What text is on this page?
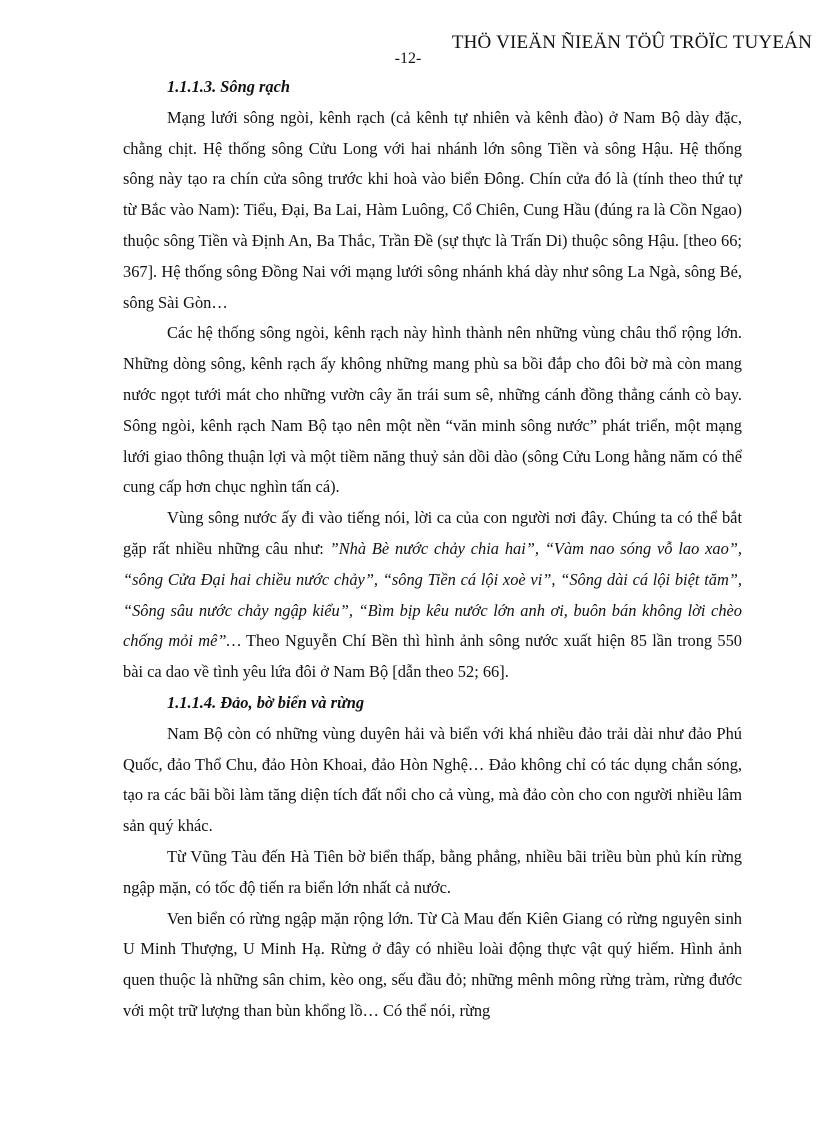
THÖ VIEÄN ÑIEÄN TÖÛ TRÖÏC TUYEÁN
-12-

1.1.1.3. Sông rạch

Mạng lưới sông ngòi, kênh rạch (cả kênh tự nhiên và kênh đào) ở Nam Bộ dày đặc, chằng chịt. Hệ thống sông Cửu Long với hai nhánh lớn sông Tiền và sông Hậu. Hệ thống sông này tạo ra chín cửa sông trước khi hoà vào biển Đông. Chín cửa đó là (tính theo thứ tự từ Bắc vào Nam): Tiểu, Đại, Ba Lai, Hàm Luông, Cổ Chiên, Cung Hầu (đúng ra là Cồn Ngao) thuộc sông Tiền và Định An, Ba Thắc, Trần Đề (sự thực là Trấn Di) thuộc sông Hậu. [theo 66; 367]. Hệ thống sông Đồng Nai với mạng lưới sông nhánh khá dày như sông La Ngà, sông Bé, sông Sài Gòn…

Các hệ thống sông ngòi, kênh rạch này hình thành nên những vùng châu thổ rộng lớn. Những dòng sông, kênh rạch ấy không những mang phù sa bồi đắp cho đôi bờ mà còn mang nước ngọt tưới mát cho những vườn cây ăn trái sum sê, những cánh đồng thẳng cánh cò bay. Sông ngòi, kênh rạch Nam Bộ tạo nên một nền “văn minh sông nước” phát triển, một mạng lưới giao thông thuận lợi và một tiềm năng thuỷ sản dồi dào (sông Cửu Long hằng năm có thể cung cấp hơn chục nghìn tấn cá).

Vùng sông nước ấy đi vào tiếng nói, lời ca của con người nơi đây. Chúng ta có thể bắt gặp rất nhiều những câu như: ”Nhà Bè nước chảy chia hai”, “Vàm nao sóng vỗ lao xao”, “sông Cửa Đại hai chiều nước chảy”, “sông Tiền cá lội xoè vi”, “Sông dài cá lội biệt tăm”, “Sông sâu nước chảy ngập kiểu”, “Bìm bịp kêu nước lớn anh ơi, buôn bán không lời chèo chống mỏi mê”… Theo Nguyễn Chí Bền thì hình ảnh sông nước xuất hiện 85 lần trong 550 bài ca dao về tình yêu lứa đôi ở Nam Bộ [dẫn theo 52; 66].

1.1.1.4. Đảo, bờ biển và rừng

Nam Bộ còn có những vùng duyên hải và biển với khá nhiều đảo trải dài như đảo Phú Quốc, đảo Thổ Chu, đảo Hòn Khoai, đảo Hòn Nghệ… Đảo không chỉ có tác dụng chắn sóng, tạo ra các bãi bồi làm tăng diện tích đất nổi cho cả vùng, mà đảo còn cho con người nhiều lâm sản quý khác.

Từ Vũng Tàu đến Hà Tiên bờ biển thấp, bằng phẳng, nhiều bãi triều bùn phủ kín rừng ngập mặn, có tốc độ tiến ra biển lớn nhất cả nước.

Ven biển có rừng ngập mặn rộng lớn. Từ Cà Mau đến Kiên Giang có rừng nguyên sinh U Minh Thượng, U Minh Hạ. Rừng ở đây có nhiều loài động thực vật quý hiếm. Hình ảnh quen thuộc là những sân chim, kèo ong, sếu đầu đỏ; những mênh mông rừng tràm, rừng đước với một trữ lượng than bùn khổng lồ… Có thể nói, rừng
